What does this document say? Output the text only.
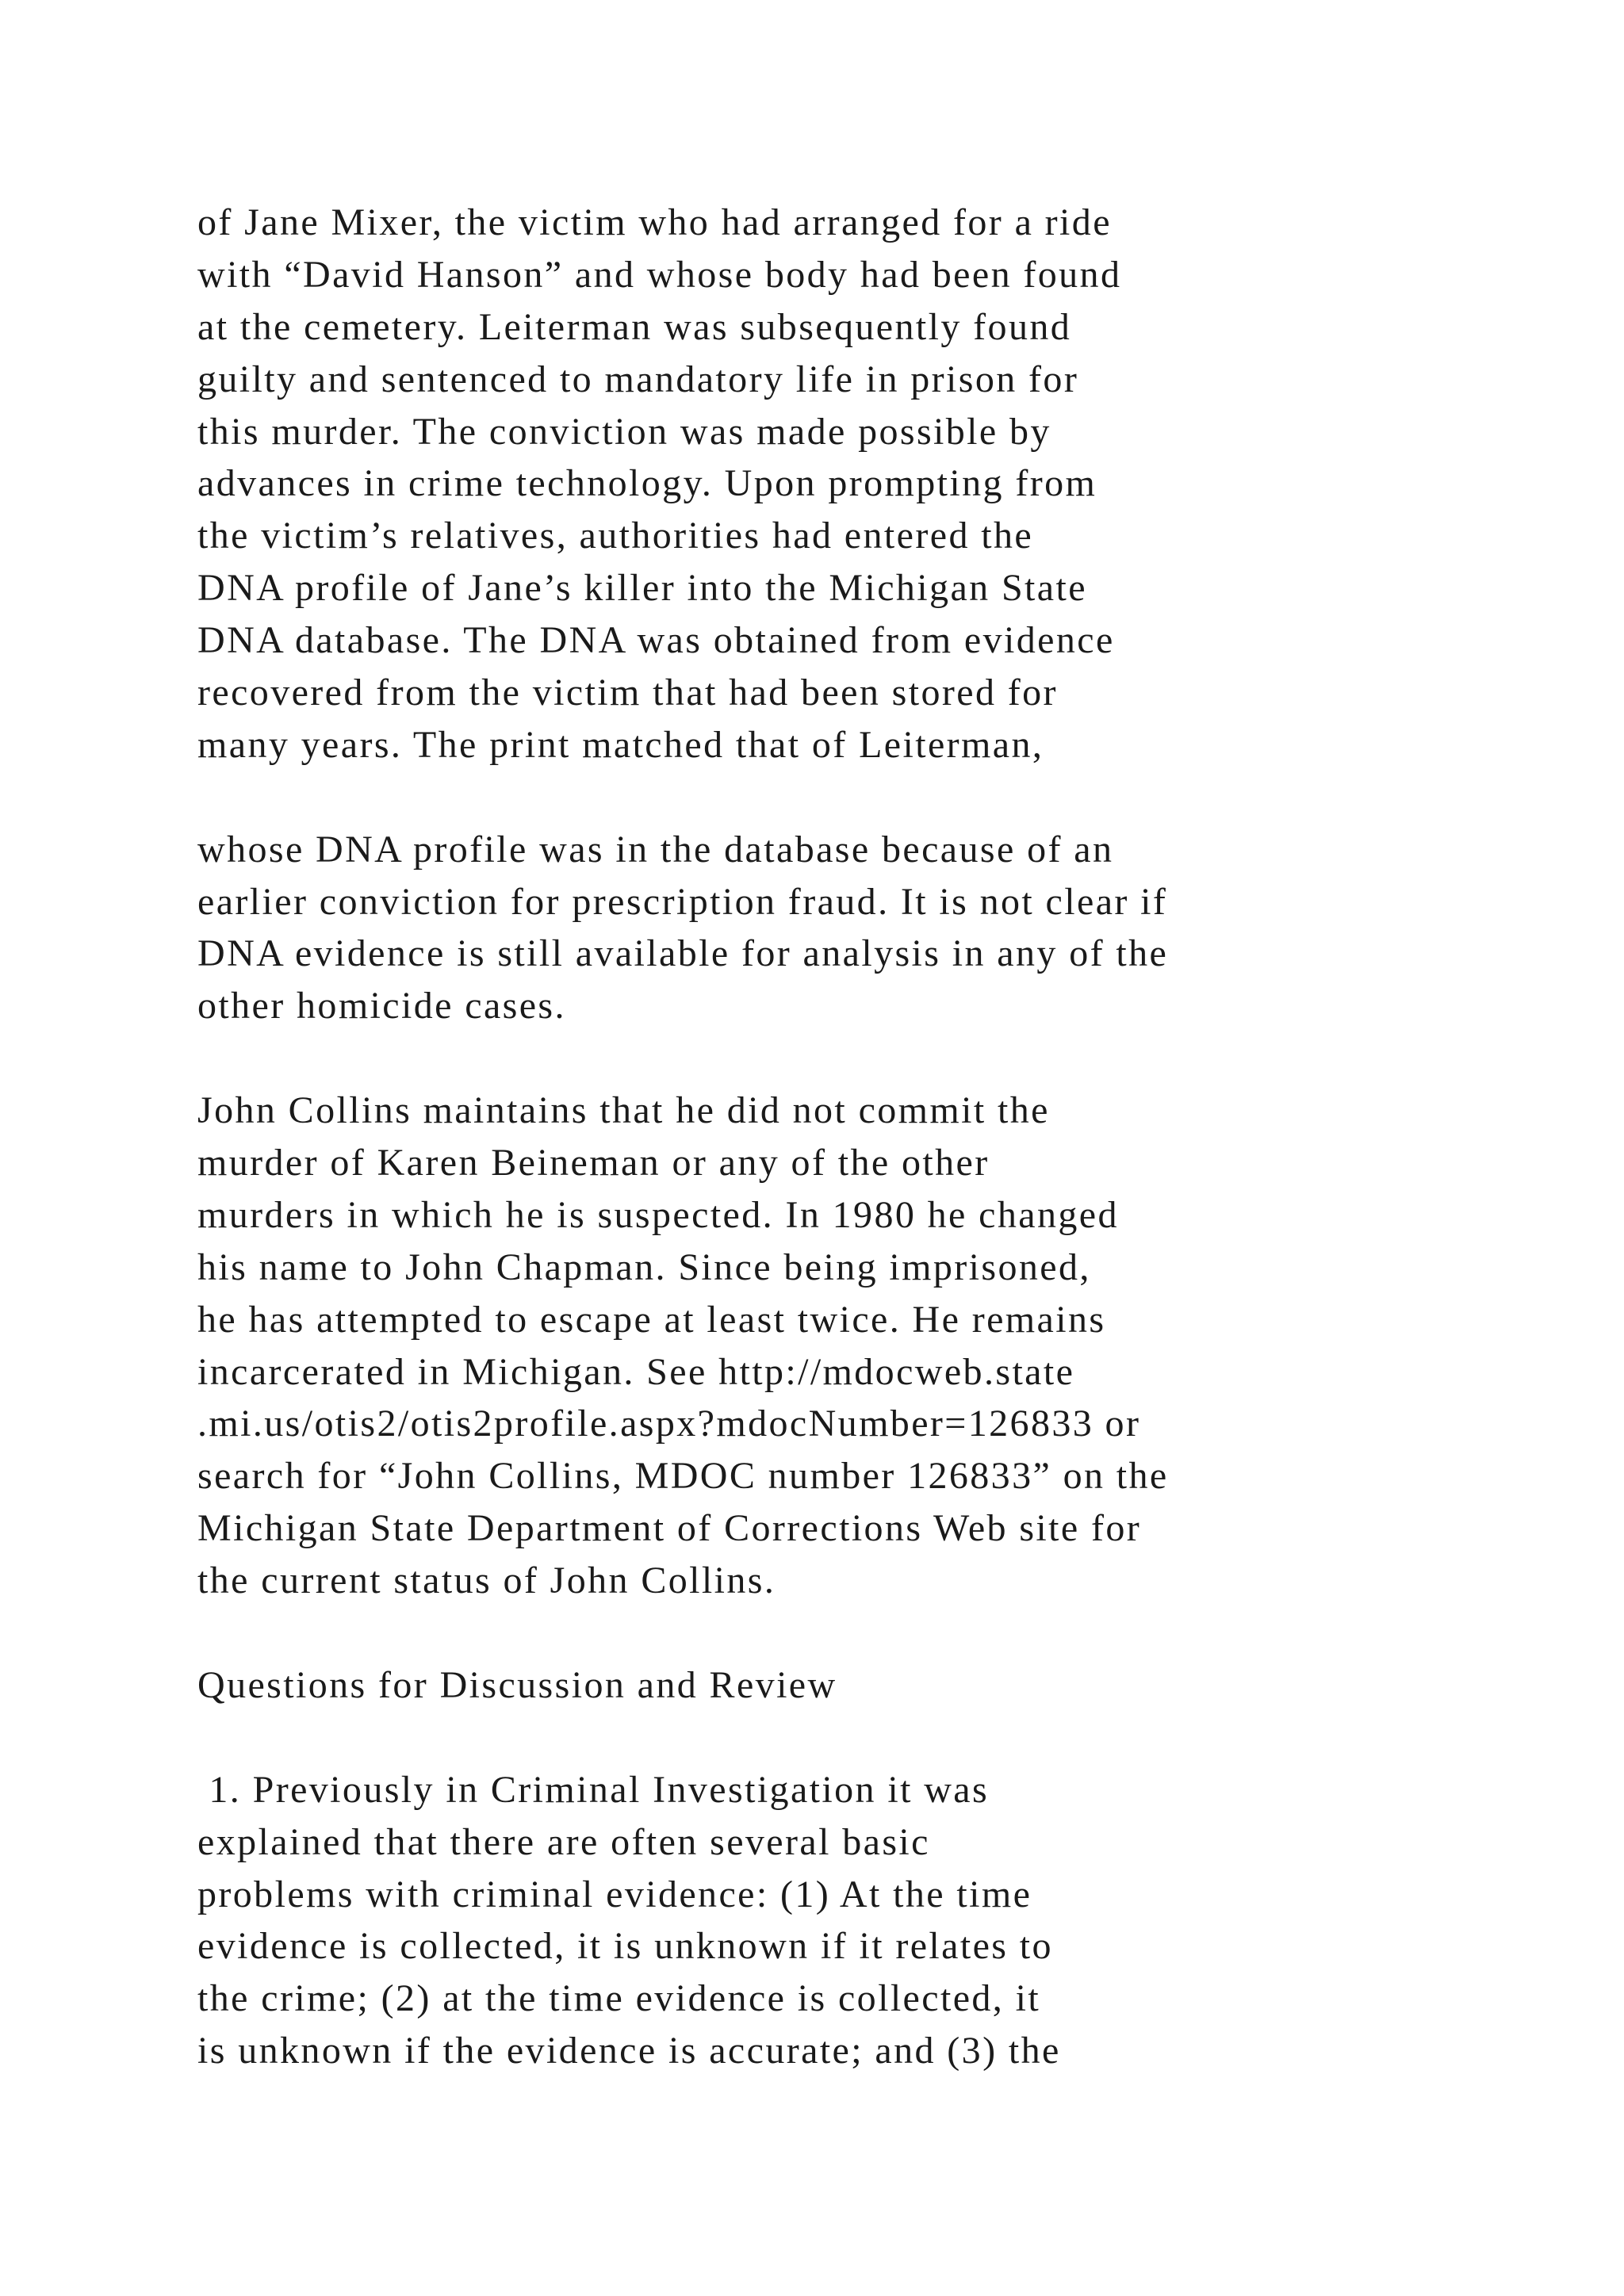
of Jane Mixer, the victim who had arranged for a ride
with “David Hanson” and whose body had been found
at the cemetery. Leiterman was subsequently found
guilty and sentenced to mandatory life in prison for
this murder. The conviction was made possible by
advances in crime technology. Upon prompting from
the victim’s relatives, authorities had entered the
DNA profile of Jane’s killer into the Michigan State
DNA database. The DNA was obtained from evidence
recovered from the victim that had been stored for
many years. The print matched that of Leiterman,

whose DNA profile was in the database because of an
earlier conviction for prescription fraud. It is not clear if
DNA evidence is still available for analysis in any of the
other homicide cases.

John Collins maintains that he did not commit the
murder of Karen Beineman or any of the other
murders in which he is suspected. In 1980 he changed
his name to John Chapman. Since being imprisoned,
he has attempted to escape at least twice. He remains
incarcerated in Michigan. See http://mdocweb.state
.mi.us/otis2/otis2profile.aspx?mdocNumber=126833 or
search for “John Collins, MDOC number 126833” on the
Michigan State Department of Corrections Web site for
the current status of John Collins.

Questions for Discussion and Review

1. Previously in Criminal Investigation it was
explained that there are often several basic
problems with criminal evidence: (1) At the time
evidence is collected, it is unknown if it relates to
the crime; (2) at the time evidence is collected, it
is unknown if the evidence is accurate; and (3) the
